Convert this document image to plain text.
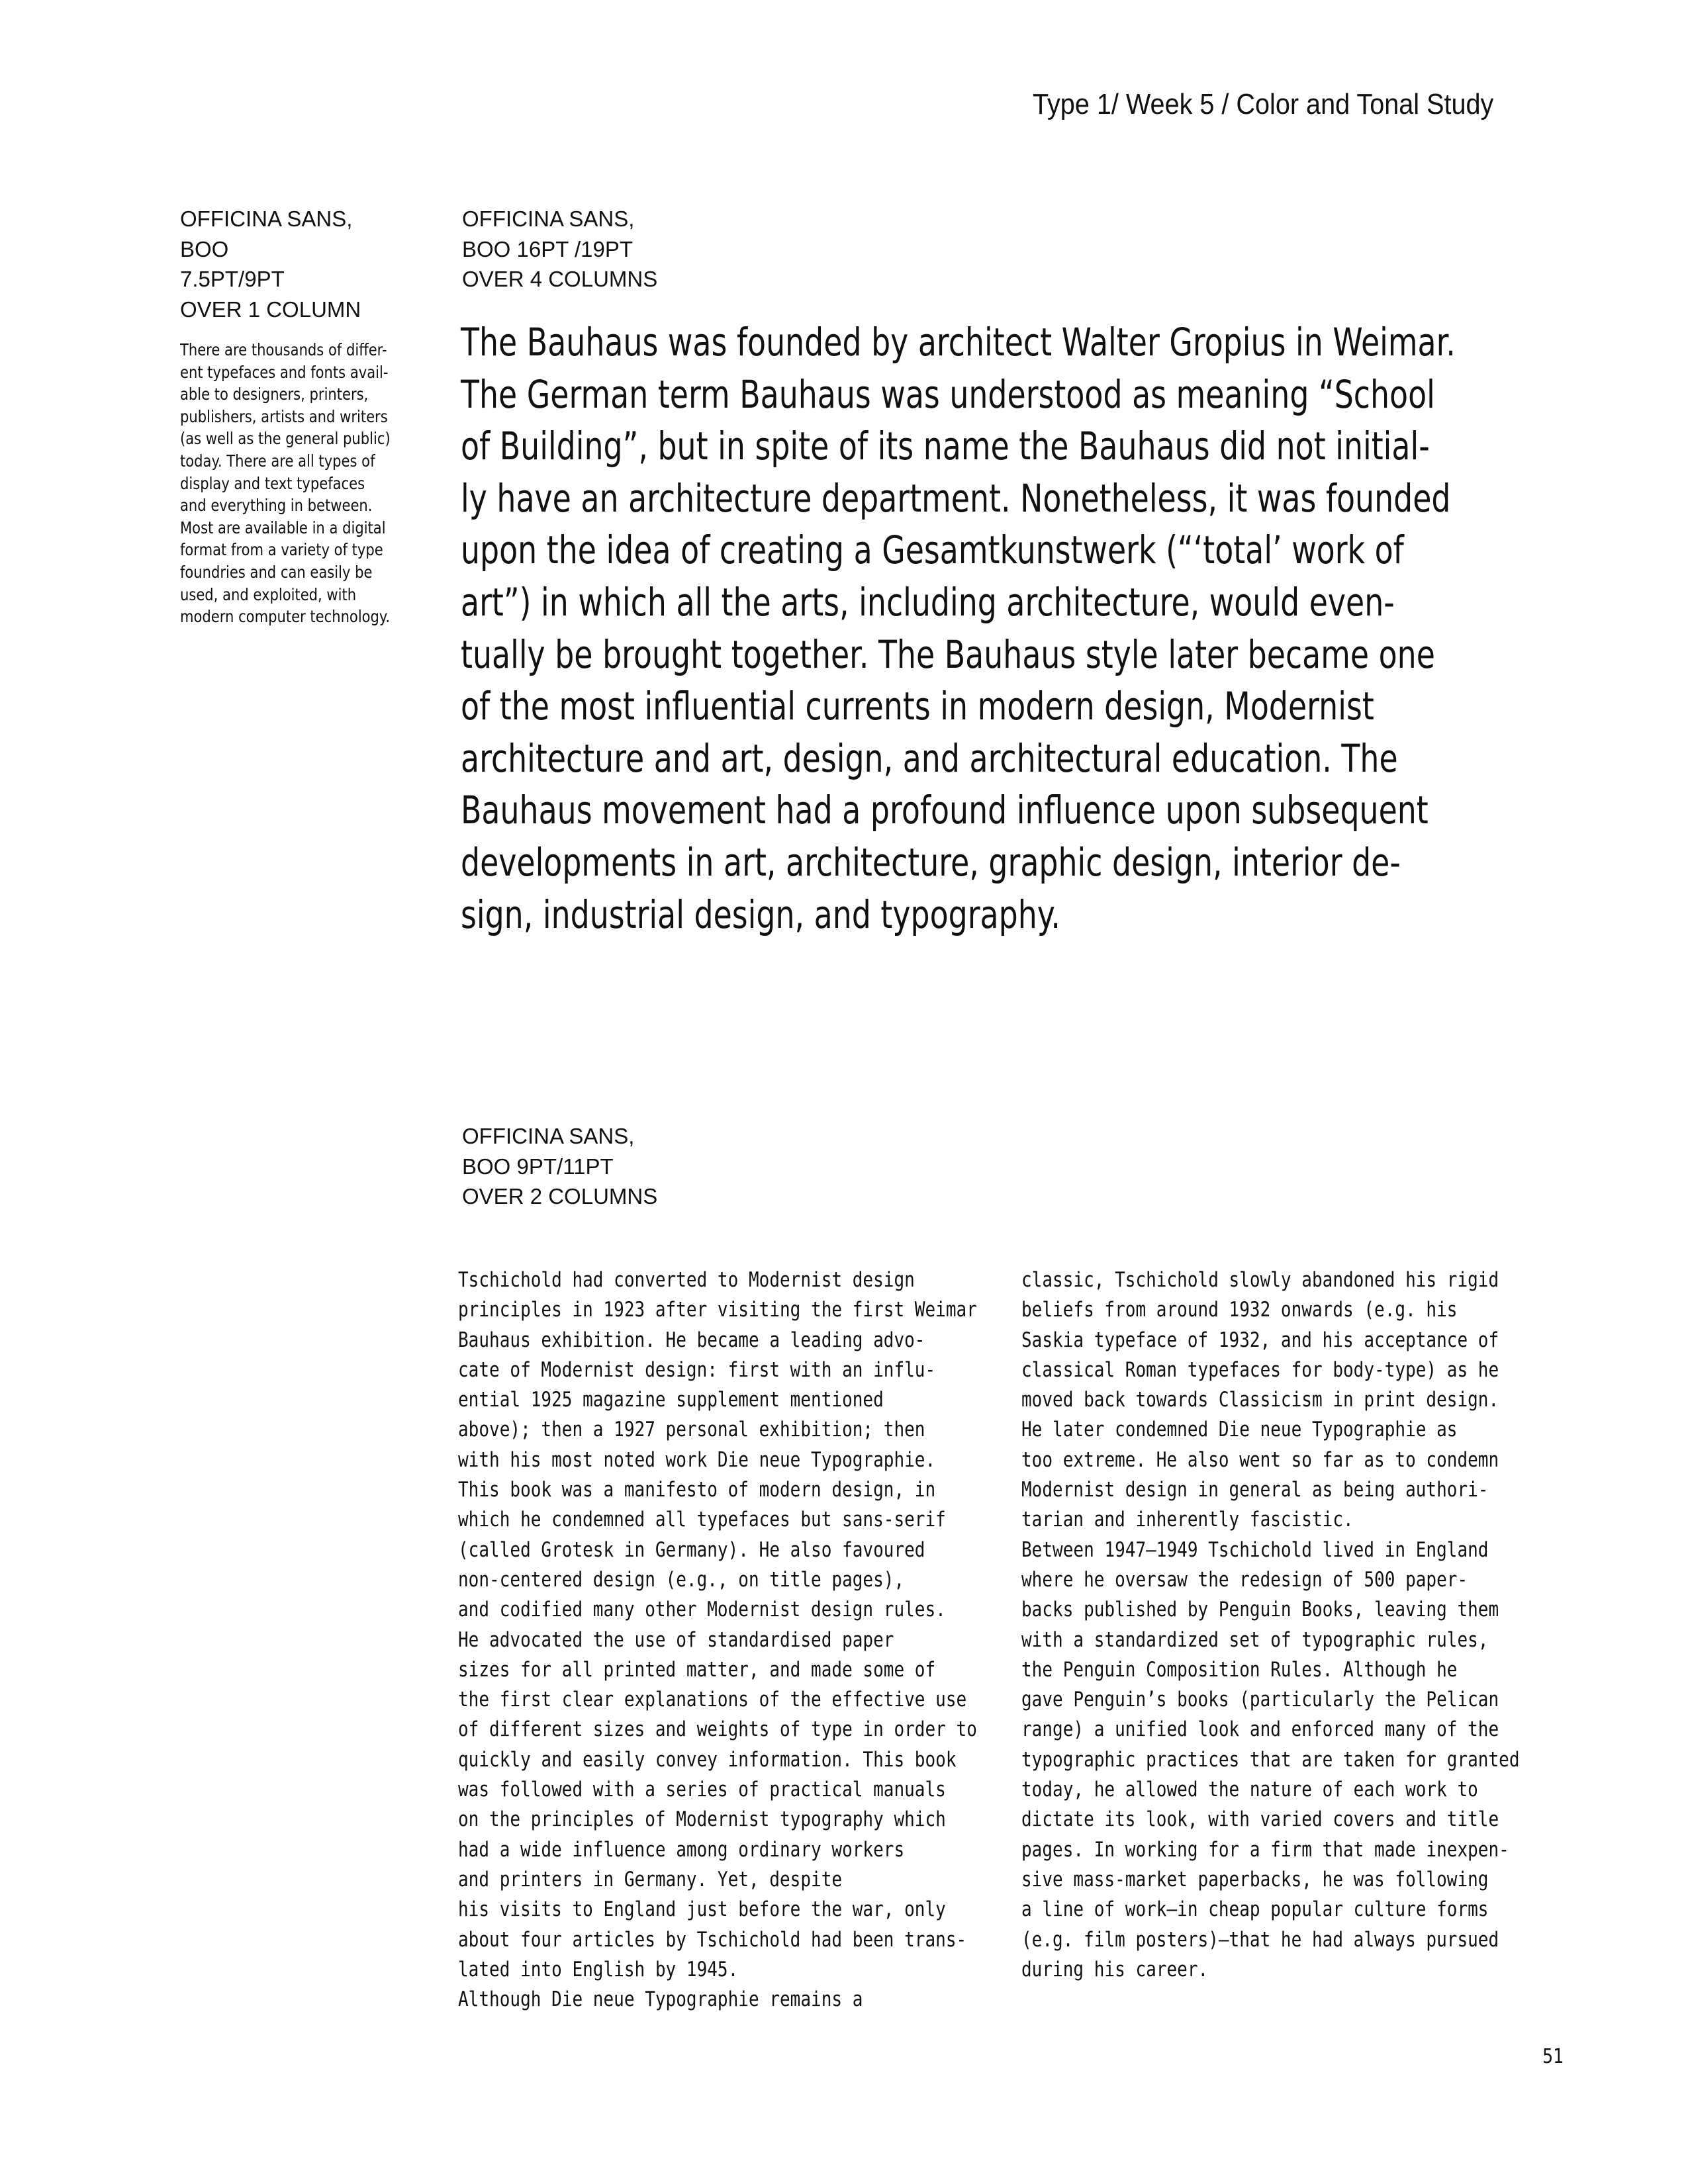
Type 1/ Week 5 / Color and Tonal Study
OFFICINA SANS,
BOO
7.5PT/9PT
OVER 1 COLUMN
There are thousands of differ-
ent typefaces and fonts avail-
able to designers, printers,
publishers, artists and writers
(as well as the general public)
today. There are all types of
display and text typefaces
and everything in between.
Most are available in a digital
format from a variety of type
foundries and can easily be
used, and exploited, with
modern computer technology.
OFFICINA SANS,
BOO 16PT /19PT
OVER 4 COLUMNS
The Bauhaus was founded by architect Walter Gropius in Weimar.
The German term Bauhaus was understood as meaning “School
of Building”, but in spite of its name the Bauhaus did not initial-
ly have an architecture department. Nonetheless, it was founded
upon the idea of creating a Gesamtkunstwerk (“‘total’ work of
art”) in which all the arts, including architecture, would even-
tually be brought together. The Bauhaus style later became one
of the most influential currents in modern design, Modernist
architecture and art, design, and architectural education. The
Bauhaus movement had a profound influence upon subsequent
developments in art, architecture, graphic design, interior de-
sign, industrial design, and typography.
OFFICINA SANS,
BOO 9PT/11PT
OVER 2 COLUMNS
Tschichold had converted to Modernist design
principles in 1923 after visiting the first Weimar
Bauhaus exhibition. He became a leading advo-
cate of Modernist design: first with an influ-
ential 1925 magazine supplement mentioned
above); then a 1927 personal exhibition; then
with his most noted work Die neue Typographie.
This book was a manifesto of modern design, in
which he condemned all typefaces but sans-serif
(called Grotesk in Germany). He also favoured
non-centered design (e.g., on title pages),
and codified many other Modernist design rules.
He advocated the use of standardised paper
sizes for all printed matter, and made some of
the first clear explanations of the effective use
of different sizes and weights of type in order to
quickly and easily convey information. This book
was followed with a series of practical manuals
on the principles of Modernist typography which
had a wide influence among ordinary workers
and printers in Germany. Yet, despite
his visits to England just before the war, only
about four articles by Tschichold had been trans-
lated into English by 1945.
Although Die neue Typographie remains a
classic, Tschichold slowly abandoned his rigid
beliefs from around 1932 onwards (e.g. his
Saskia typeface of 1932, and his acceptance of
classical Roman typefaces for body-type) as he
moved back towards Classicism in print design.
He later condemned Die neue Typographie as
too extreme. He also went so far as to condemn
Modernist design in general as being authori-
tarian and inherently fascistic.
Between 1947–1949 Tschichold lived in England
where he oversaw the redesign of 500 paper-
backs published by Penguin Books, leaving them
with a standardized set of typographic rules,
the Penguin Composition Rules. Although he
gave Penguin’s books (particularly the Pelican
range) a unified look and enforced many of the
typographic practices that are taken for granted
today, he allowed the nature of each work to
dictate its look, with varied covers and title
pages. In working for a firm that made inexpen-
sive mass-market paperbacks, he was following
a line of work—in cheap popular culture forms
(e.g. film posters)—that he had always pursued
during his career.
51
